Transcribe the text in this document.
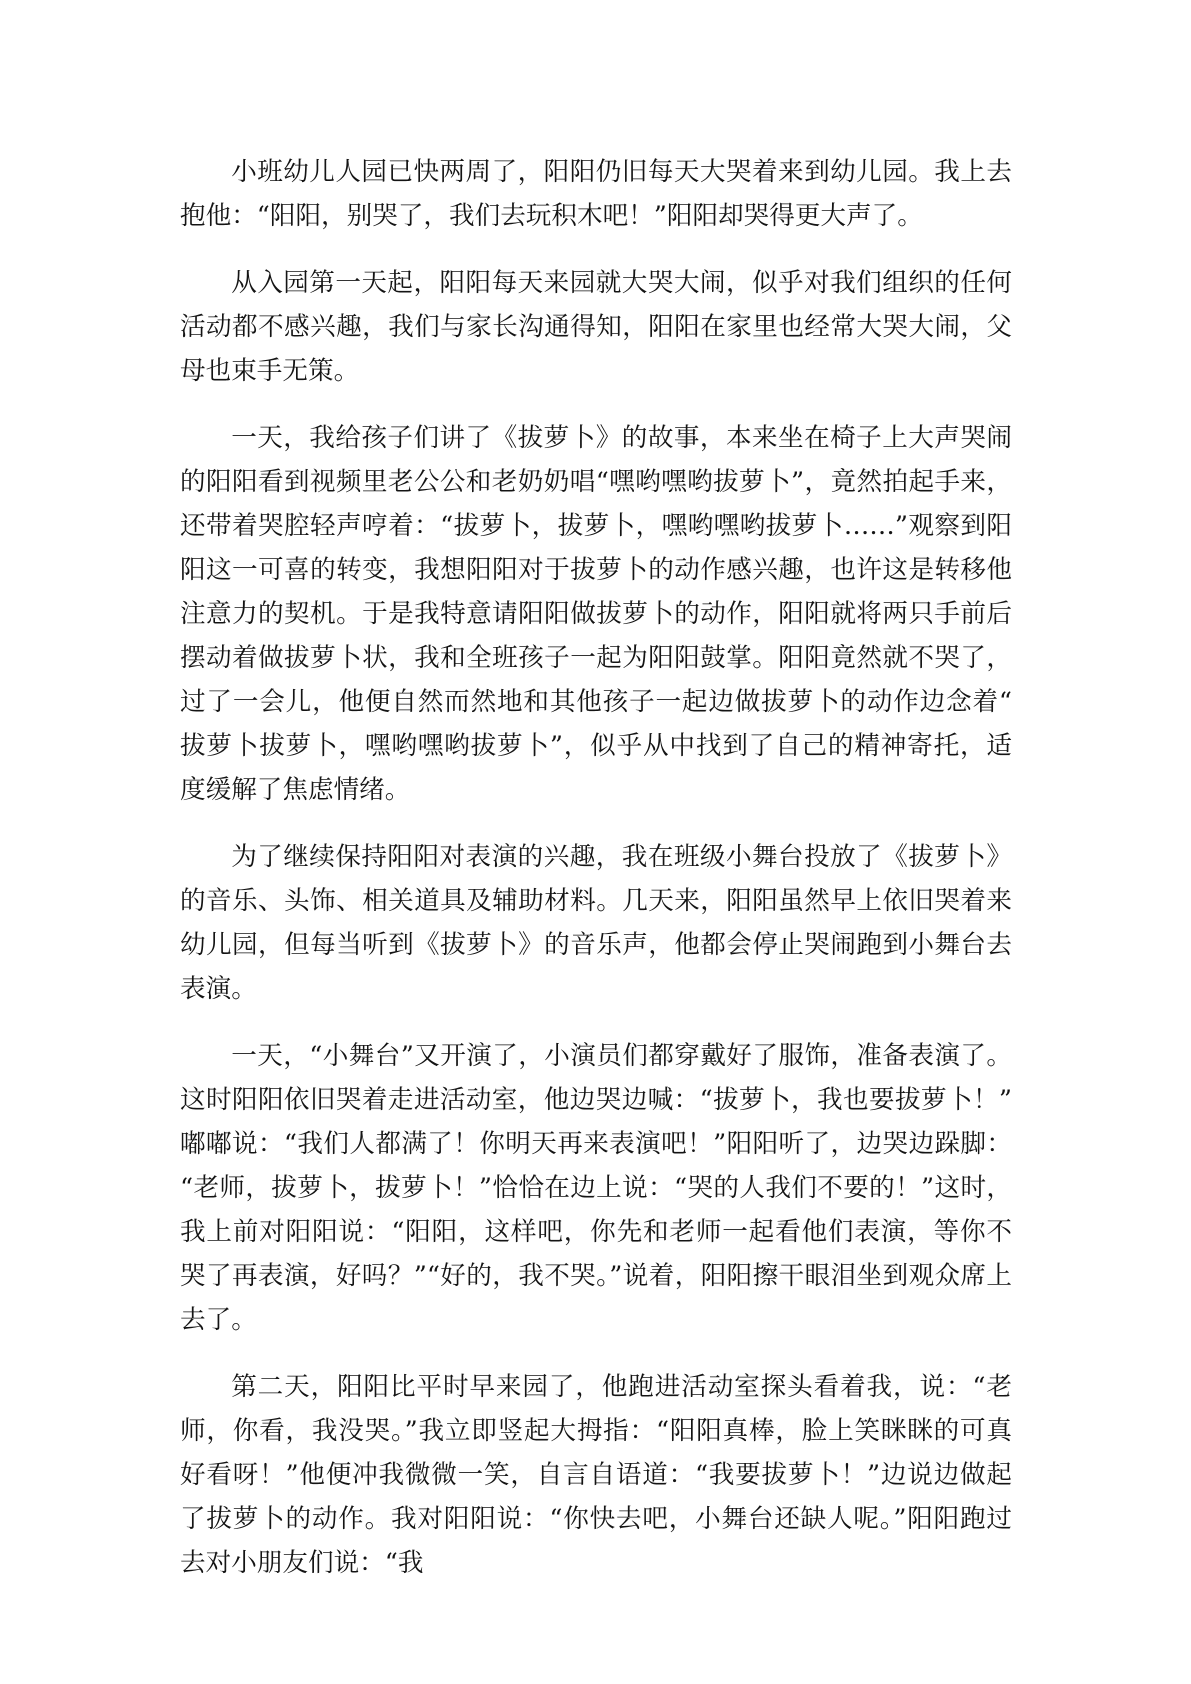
小班幼儿人园已快两周了，阳阳仍旧每天大哭着来到幼儿园。我上去抱他：“阳阳，别哭了，我们去玩积木吧！”阳阳却哭得更大声了。

从入园第一天起，阳阳每天来园就大哭大闹，似乎对我们组织的任何活动都不感兴趣，我们与家长沟通得知，阳阳在家里也经常大哭大闹，父母也束手无策。

一天，我给孩子们讲了《拔萝卜》的故事，本来坐在椅子上大声哭闹的阳阳看到视频里老公公和老奶奶唱“嘿哟嘿哟拔萝卜”，竟然拍起手来，还带着哭腔轻声哼着：“拔萝卜，拔萝卜，嘿哟嘿哟拔萝卜……”观察到阳阳这一可喜的转变，我想阳阳对于拔萝卜的动作感兴趣，也许这是转移他注意力的契机。于是我特意请阳阳做拔萝卜的动作，阳阳就将两只手前后摆动着做拔萝卜状，我和全班孩子一起为阳阳鼓掌。阳阳竟然就不哭了，过了一会儿，他便自然而然地和其他孩子一起边做拔萝卜的动作边念着“拔萝卜拔萝卜，嘿哟嘿哟拔萝卜”，似乎从中找到了自己的精神寄托，适度缓解了焦虑情绪。

为了继续保持阳阳对表演的兴趣，我在班级小舞台投放了《拔萝卜》的音乐、头饰、相关道具及辅助材料。几天来，阳阳虽然早上依旧哭着来幼儿园，但每当听到《拔萝卜》的音乐声，他都会停止哭闹跑到小舞台去表演。

一天，“小舞台”又开演了，小演员们都穿戴好了服饰，准备表演了。这时阳阳依旧哭着走进活动室，他边哭边喊：“拔萝卜，我也要拔萝卜！”嘟嘟说：“我们人都满了！你明天再来表演吧！”阳阳听了，边哭边跺脚：“老师，拔萝卜，拔萝卜！”恰恰在边上说：“哭的人我们不要的！”这时，我上前对阳阳说：“阳阳，这样吧，你先和老师一起看他们表演，等你不哭了再表演，好吗？”“好的，我不哭。”说着，阳阳擦干眼泪坐到观众席上去了。

第二天，阳阳比平时早来园了，他跑进活动室探头看着我，说：“老师，你看，我没哭。”我立即竖起大拇指：“阳阳真棒，脸上笑眯眯的可真好看呀！”他便冲我微微一笑，自言自语道：“我要拔萝卜！”边说边做起了拔萝卜的动作。我对阳阳说：“你快去吧，小舞台还缺人呢。”阳阳跑过去对小朋友们说：“我
